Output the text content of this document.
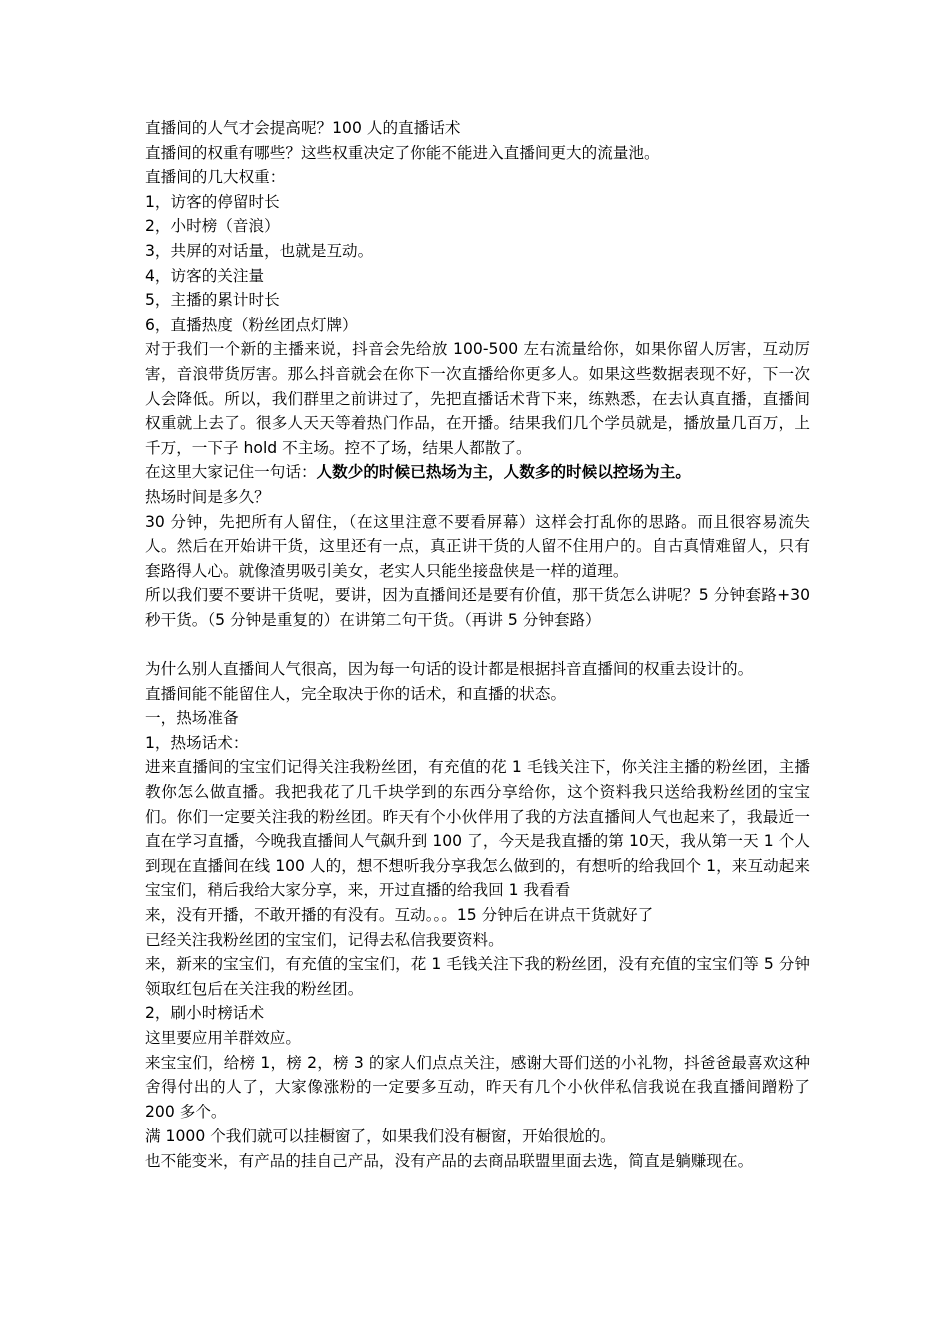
直播间的人气才会提高呢？100 人的直播话术

直播间的权重有哪些？这些权重决定了你能不能进入直播间更大的流量池。

直播间的几大权重：

1，访客的停留时长

2，小时榜（音浪）

3，共屏的对话量，也就是互动。

4，访客的关注量

5，主播的累计时长

6，直播热度（粉丝团点灯牌）

对于我们一个新的主播来说，抖音会先给放 100-500 左右流量给你，如果你留人厉害，互动厉害，音浪带货厉害。那么抖音就会在你下一次直播给你更多人。如果这些数据表现不好，下一次人会降低。所以，我们群里之前讲过了，先把直播话术背下来，练熟悉，在去认真直播，直播间权重就上去了。很多人天天等着热门作品，在开播。结果我们几个学员就是，播放量几百万，上千万，一下子 hold 不主场。控不了场，结果人都散了。

在这里大家记住一句话：人数少的时候已热场为主，人数多的时候以控场为主。

热场时间是多久？

30 分钟，先把所有人留住，（在这里注意不要看屏幕）这样会打乱你的思路。而且很容易流失人。然后在开始讲干货，这里还有一点，真正讲干货的人留不住用户的。自古真情难留人，只有套路得人心。就像渣男吸引美女，老实人只能坐接盘侠是一样的道理。

所以我们要不要讲干货呢，要讲，因为直播间还是要有价值，那干货怎么讲呢？5 分钟套路+30 秒干货。（5 分钟是重复的）在讲第二句干货。（再讲 5 分钟套路）

为什么别人直播间人气很高，因为每一句话的设计都是根据抖音直播间的权重去设计的。

直播间能不能留住人，完全取决于你的话术，和直播的状态。

一，热场准备

1，热场话术：

进来直播间的宝宝们记得关注我粉丝团，有充值的花 1 毛钱关注下，你关注主播的粉丝团，主播教你怎么做直播。我把我花了几千块学到的东西分享给你，这个资料我只送给我粉丝团的宝宝们。你们一定要关注我的粉丝团。昨天有个小伙伴用了我的方法直播间人气也起来了，我最近一直在学习直播，今晚我直播间人气飙升到 100 了，今天是我直播的第 10天，我从第一天 1 个人到现在直播间在线 100 人的，想不想听我分享我怎么做到的，有想听的给我回个 1，来互动起来宝宝们，稍后我给大家分享，来，开过直播的给我回 1 我看看

来，没有开播，不敢开播的有没有。互动。。。15 分钟后在讲点干货就好了

已经关注我粉丝团的宝宝们，记得去私信我要资料。

来，新来的宝宝们，有充值的宝宝们，花 1 毛钱关注下我的粉丝团，没有充值的宝宝们等 5 分钟领取红包后在关注我的粉丝团。

2，刷小时榜话术

这里要应用羊群效应。

来宝宝们，给榜 1，榜 2，榜 3 的家人们点点关注，感谢大哥们送的小礼物，抖爸爸最喜欢这种舍得付出的人了，大家像涨粉的一定要多互动，昨天有几个小伙伴私信我说在我直播间蹭粉了 200 多个。

满 1000 个我们就可以挂橱窗了，如果我们没有橱窗，开始很尬的。

也不能变米，有产品的挂自己产品，没有产品的去商品联盟里面去选，简直是躺赚现在。
